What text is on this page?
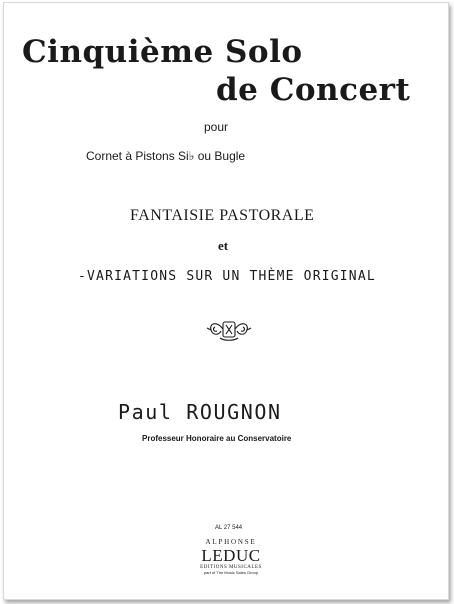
Cinquième Solo
de Concert
pour
Cornet à Pistons Si♭ ou Bugle
FANTAISIE PASTORALE
et
-VARIATIONS SUR UN THÈME ORIGINAL
Paul ROUGNON
Professeur Honoraire au Conservatoire
AL 27 544
ALPHONSE
LEDUC
EDITIONS MUSICALES
part of The Music Sales Group
